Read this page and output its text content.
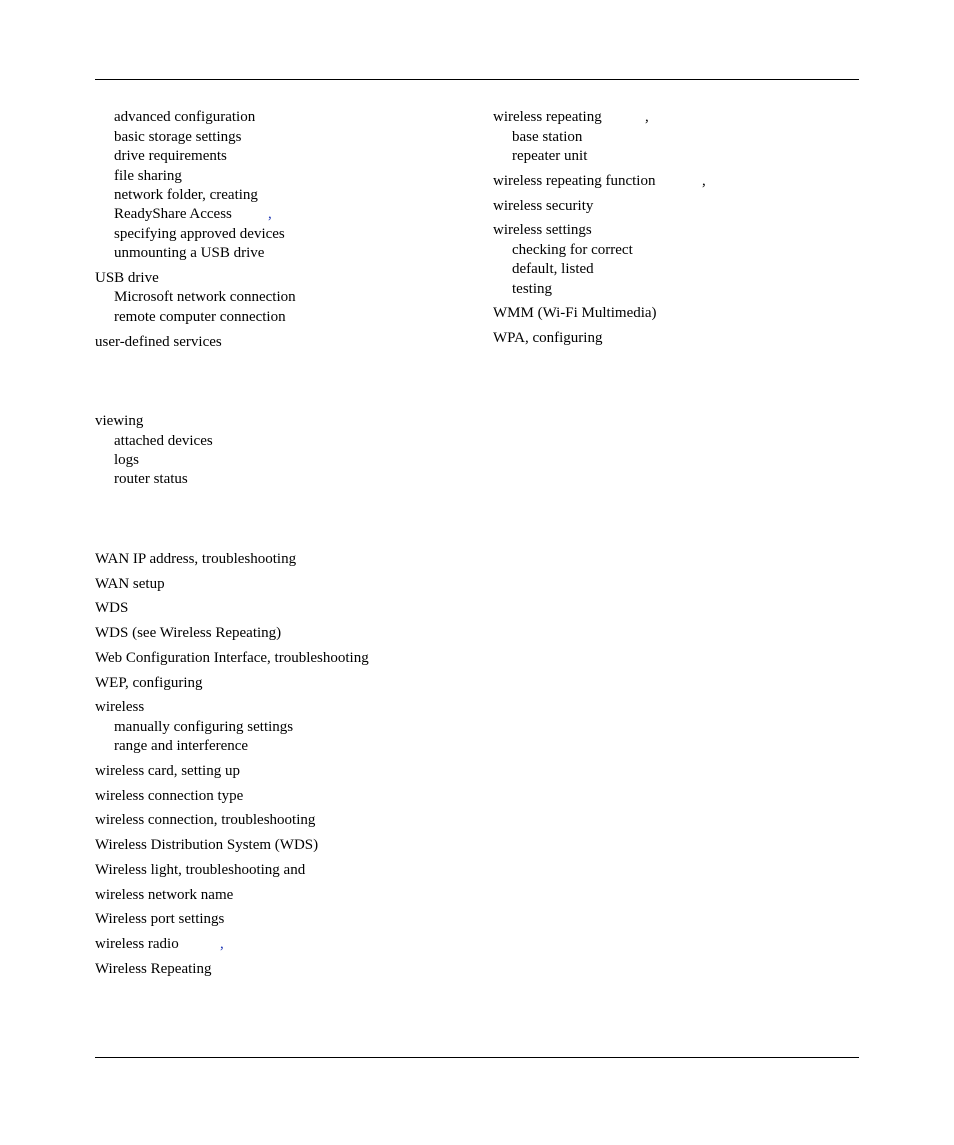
advanced configuration
basic storage settings
drive requirements
file sharing
network folder, creating
ReadyShare Access ,
specifying approved devices
unmounting a USB drive
USB drive
Microsoft network connection
remote computer connection
user-defined services
viewing
attached devices
logs
router status
WAN IP address, troubleshooting
WAN setup
WDS
WDS (see Wireless Repeating)
Web Configuration Interface, troubleshooting
WEP, configuring
wireless
manually configuring settings
range and interference
wireless card, setting up
wireless connection type
wireless connection, troubleshooting
Wireless Distribution System (WDS)
Wireless light, troubleshooting and
wireless network name
Wireless port settings
wireless radio	,
Wireless Repeating
wireless repeating	,
base station
repeater unit
wireless repeating function	,
wireless security
wireless settings
checking for correct
default, listed
testing
WMM (Wi-Fi Multimedia)
WPA, configuring
